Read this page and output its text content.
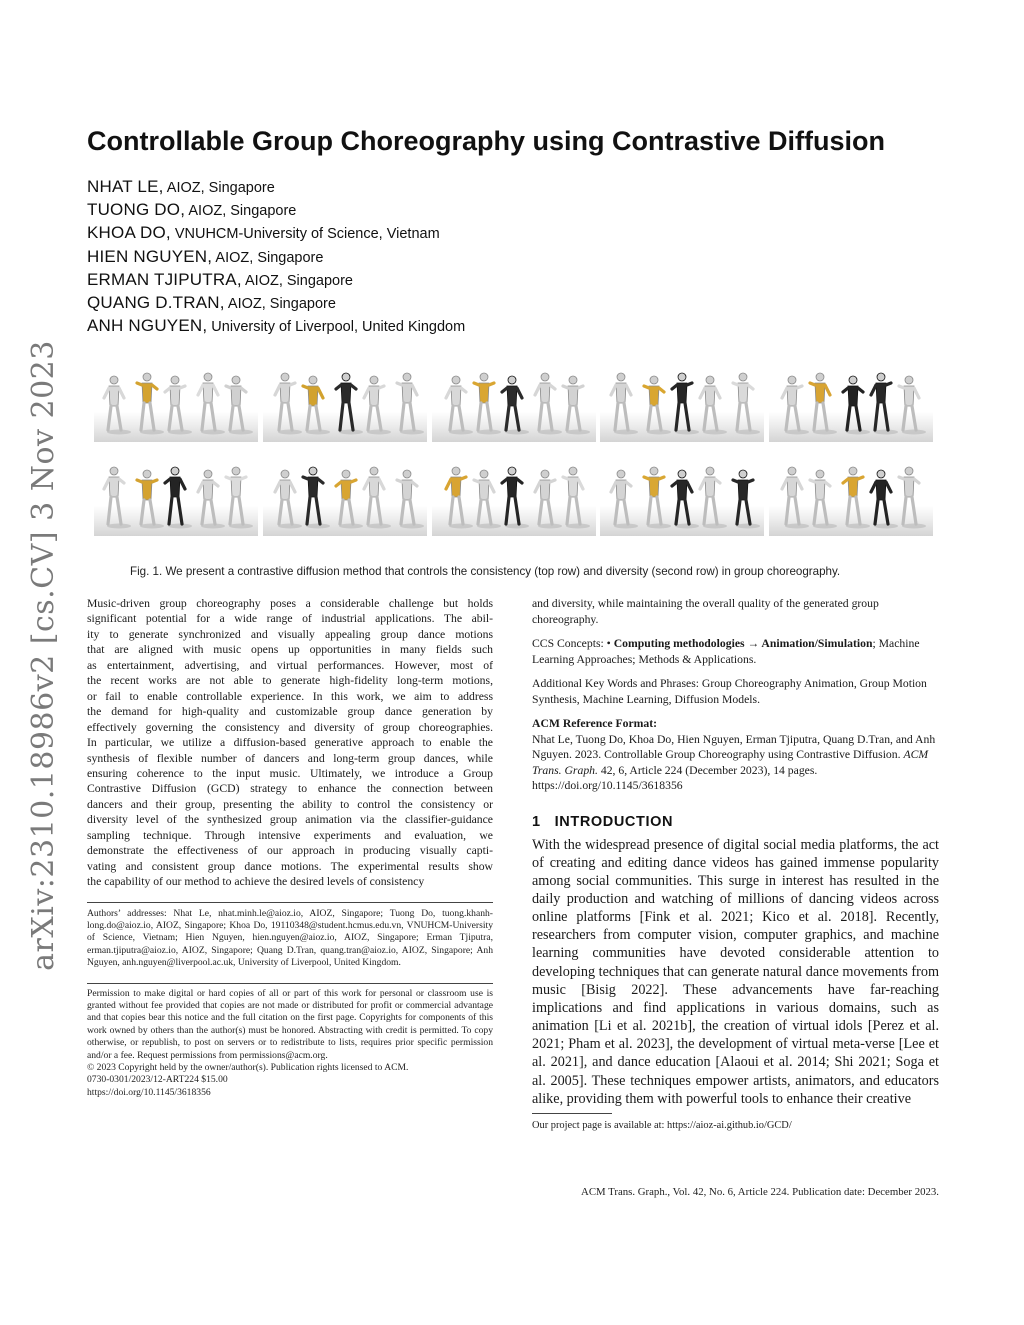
arXiv:2310.18986v2 [cs.CV] 3 Nov 2023
Controllable Group Choreography using Contrastive Diffusion
NHAT LE, AIOZ, Singapore
TUONG DO, AIOZ, Singapore
KHOA DO, VNUHCM-University of Science, Vietnam
HIEN NGUYEN, AIOZ, Singapore
ERMAN TJIPUTRA, AIOZ, Singapore
QUANG D.TRAN, AIOZ, Singapore
ANH NGUYEN, University of Liverpool, United Kingdom
Fig. 1. We present a contrastive diffusion method that controls the consistency (top row) and diversity (second row) in group choreography.
Music-driven group choreography poses a considerable challenge but holds
significant potential for a wide range of industrial applications. The abil-
ity to generate synchronized and visually appealing group dance motions
that are aligned with music opens up opportunities in many fields such
as entertainment, advertising, and virtual performances. However, most of
the recent works are not able to generate high-fidelity long-term motions,
or fail to enable controllable experience. In this work, we aim to address
the demand for high-quality and customizable group dance generation by
effectively governing the consistency and diversity of group choreographies.
In particular, we utilize a diffusion-based generative approach to enable the
synthesis of flexible number of dancers and long-term group dances, while
ensuring coherence to the input music. Ultimately, we introduce a Group
Contrastive Diffusion (GCD) strategy to enhance the connection between
dancers and their group, presenting the ability to control the consistency or
diversity level of the synthesized group animation via the classifier-guidance
sampling technique. Through intensive experiments and evaluation, we
demonstrate the effectiveness of our approach in producing visually capti-
vating and consistent group dance motions. The experimental results show
the capability of our method to achieve the desired levels of consistency

Authors’ addresses: Nhat Le, nhat.minh.le@aioz.io, AIOZ, Singapore; Tuong Do, tuong.khanh-long.do@aioz.io, AIOZ, Singapore; Khoa Do, 19110348@student.hcmus.edu.vn, VNUHCM-University of Science, Vietnam; Hien Nguyen, hien.nguyen@aioz.io, AIOZ, Singapore; Erman Tjiputra, erman.tjiputra@aioz.io, AIOZ, Singapore; Quang D.Tran, quang.tran@aioz.io, AIOZ, Singapore; Anh Nguyen, anh.nguyen@liverpool.ac.uk, University of Liverpool, United Kingdom.

Permission to make digital or hard copies of all or part of this work for personal or classroom use is granted without fee provided that copies are not made or distributed for profit or commercial advantage and that copies bear this notice and the full citation on the first page. Copyrights for components of this work owned by others than the author(s) must be honored. Abstracting with credit is permitted. To copy otherwise, or republish, to post on servers or to redistribute to lists, requires prior specific permission and/or a fee. Request permissions from permissions@acm.org.

© 2023 Copyright held by the owner/author(s). Publication rights licensed to ACM.

0730-0301/2023/12-ART224 $15.00

https://doi.org/10.1145/3618356

and diversity, while maintaining the overall quality of the generated group choreography.

CCS Concepts: • Computing methodologies → Animation/Simulation; Machine Learning Approaches; Methods & Applications.

Additional Key Words and Phrases: Group Choreography Animation, Group Motion Synthesis, Machine Learning, Diffusion Models.

ACM Reference Format:

Nhat Le, Tuong Do, Khoa Do, Hien Nguyen, Erman Tjiputra, Quang D.Tran, and Anh Nguyen. 2023. Controllable Group Choreography using Contrastive Diffusion. ACM Trans. Graph. 42, 6, Article 224 (December 2023), 14 pages. https://doi.org/10.1145/3618356

1 INTRODUCTION

With the widespread presence of digital social media platforms, the act of creating and editing dance videos has gained immense popularity among social communities. This surge in interest has resulted in the daily production and watching of millions of dancing videos across online platforms [Fink et al. 2021; Kico et al. 2018]. Recently, researchers from computer vision, computer graphics, and machine learning communities have devoted considerable attention to developing techniques that can generate natural dance movements from music [Bisig 2022]. These advancements have far-reaching implications and find applications in various domains, such as animation [Li et al. 2021b], the creation of virtual idols [Perez et al. 2021; Pham et al. 2023], the development of virtual meta-verse [Lee et al. 2021], and dance education [Alaoui et al. 2014; Shi 2021; Soga et al. 2005]. These techniques empower artists, animators, and educators alike, providing them with powerful tools to enhance their creative

Our project page is available at: https://aioz-ai.github.io/GCD/

ACM Trans. Graph., Vol. 42, No. 6, Article 224. Publication date: December 2023.
